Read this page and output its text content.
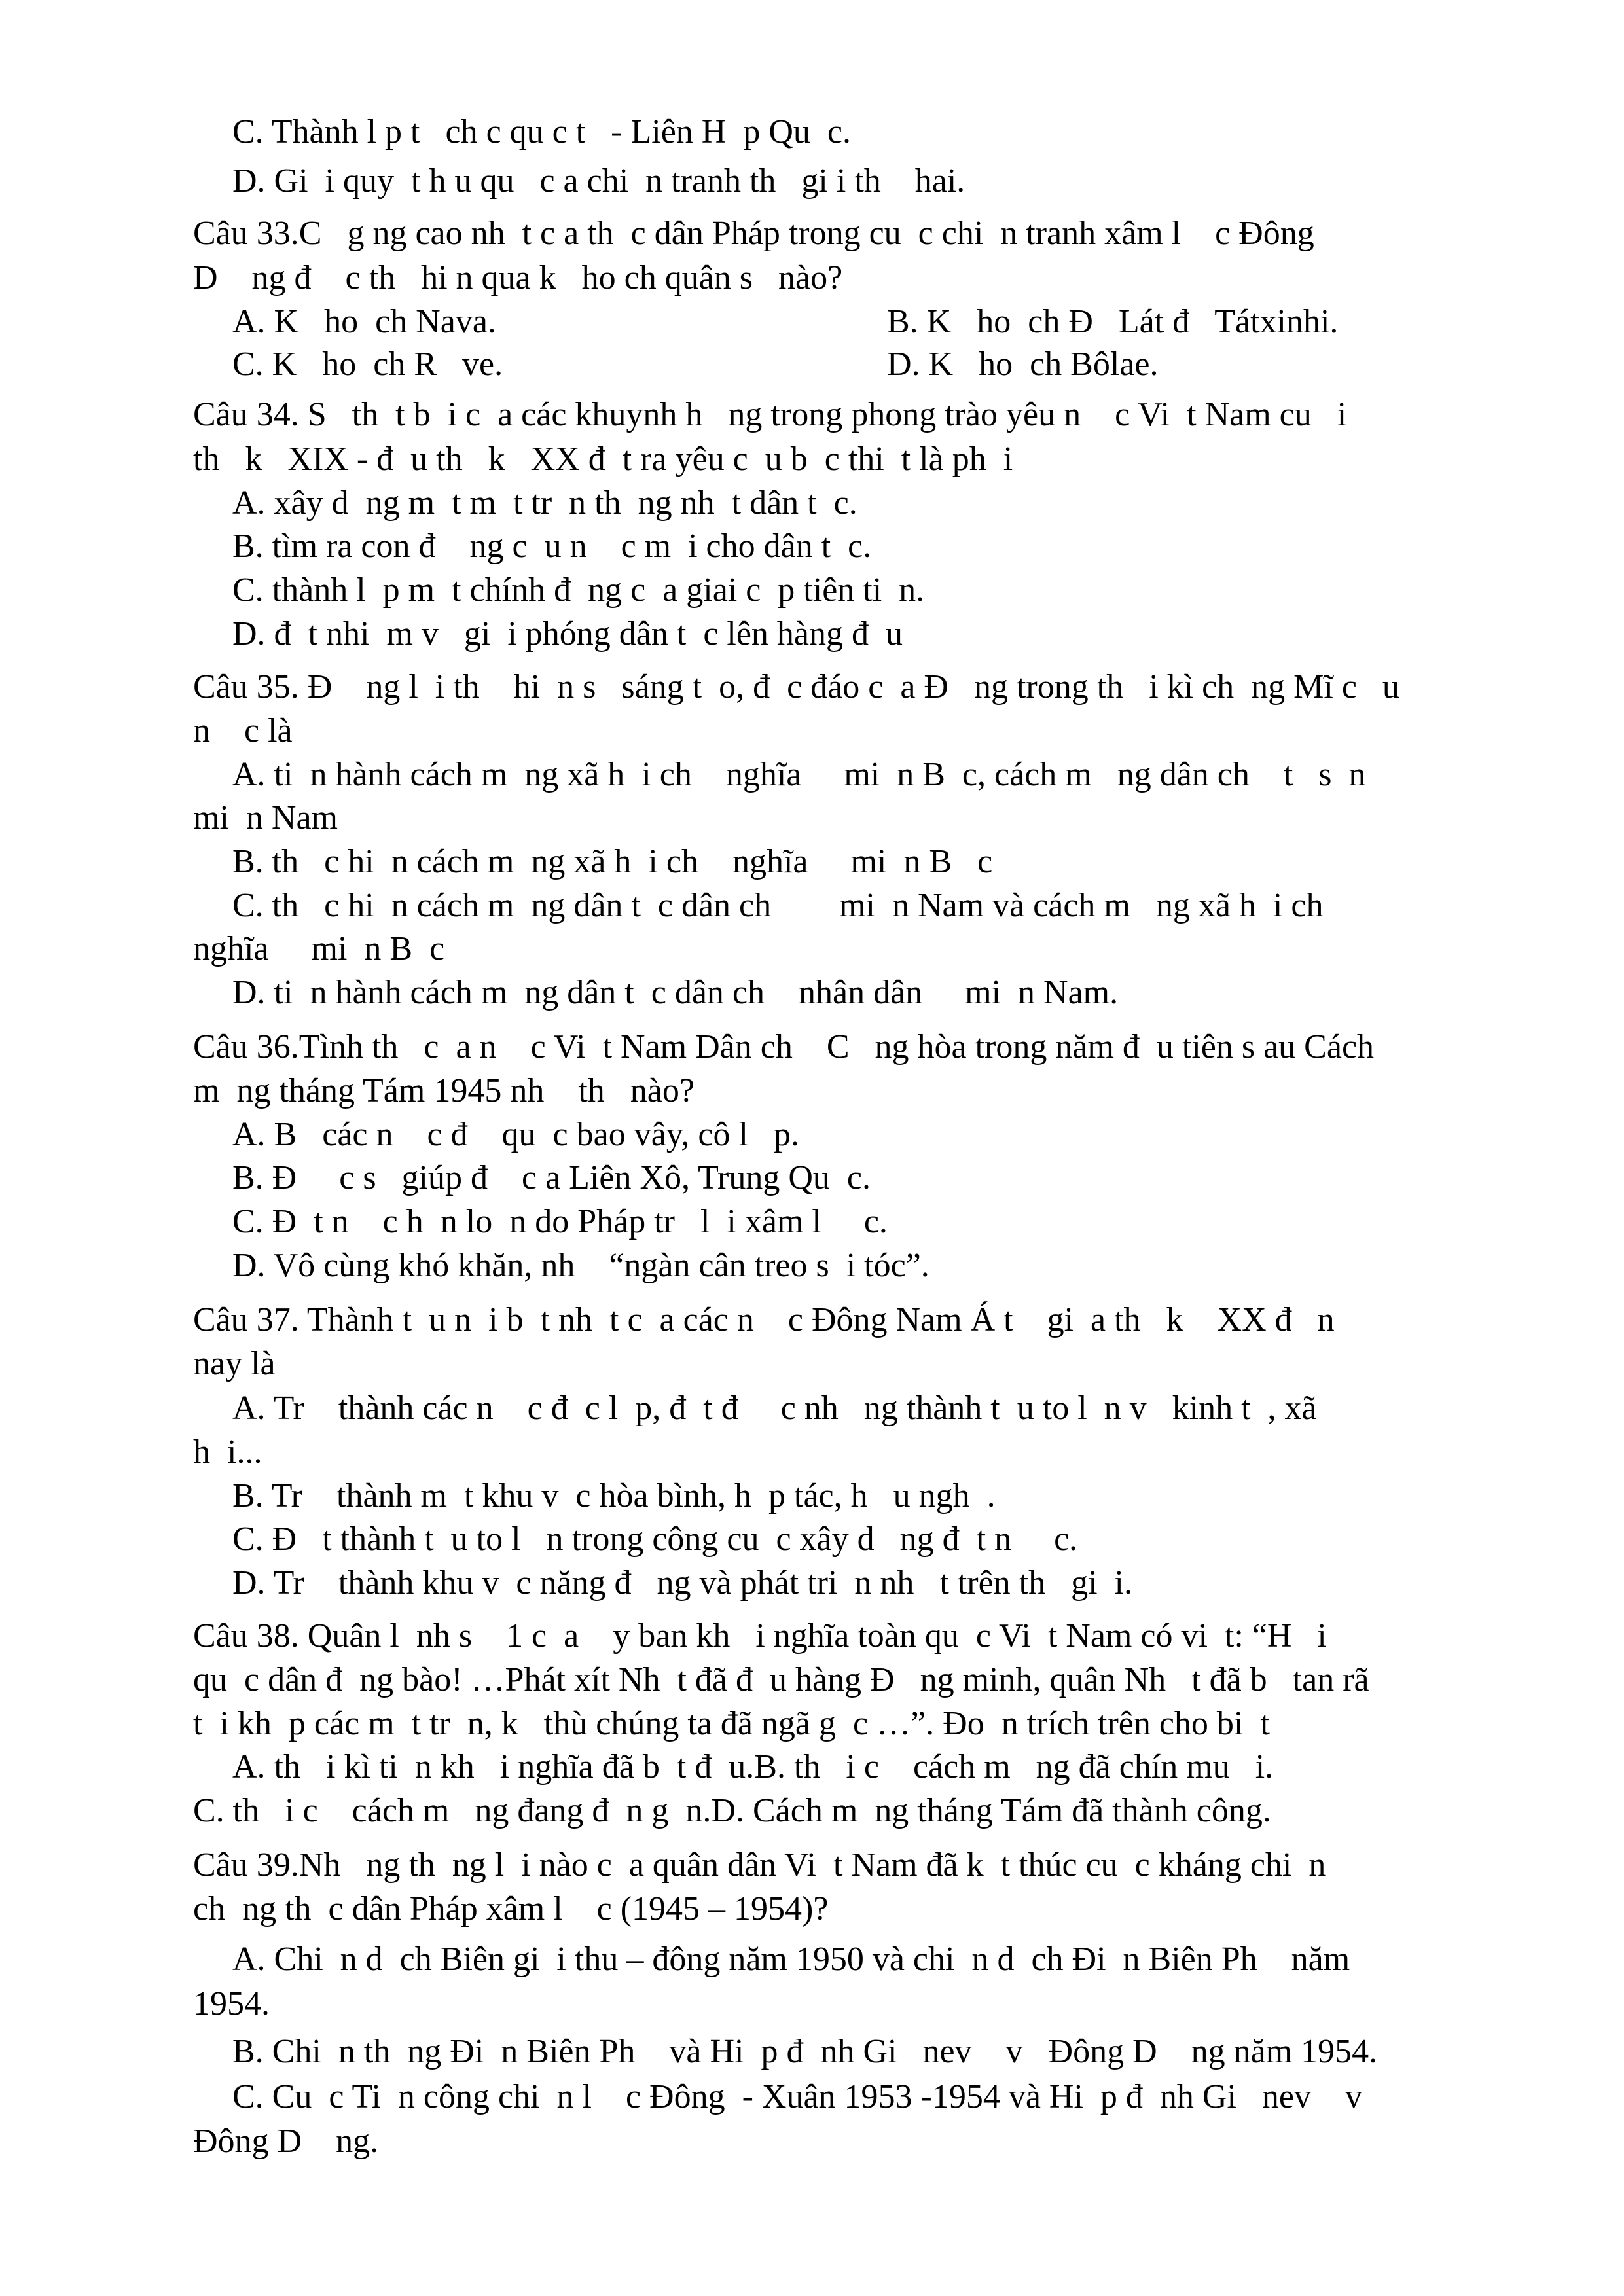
C. Thành l p t   ch c qu c t   - Liên H  p Qu  c.
D. Gi  i quy  t h u qu   c a chi  n tranh th   gi i th    hai.
Câu 33.C   g ng cao nh  t c a th  c dân Pháp trong cu  c chi  n tranh xâm l    c Đông
D    ng đ    c th   hi n qua k   ho ch quân s   nào?
A. K   ho  ch Nava.	B. K   ho  ch Đ   Lát đ   Tátxinhi.
C. K   ho  ch R   ve.	D. K   ho  ch Bôlae.
Câu 34. S   th  t b  i c  a các khuynh h   ng trong phong trào yêu n    c Vi  t Nam cu   i
th   k   XIX - đ  u th   k   XX đ  t ra yêu c  u b  c thi  t là ph  i
A. xây d  ng m  t m  t tr  n th  ng nh  t dân t  c.
B. tìm ra con đ    ng c  u n    c m  i cho dân t  c.
C. thành l  p m  t chính đ  ng c  a giai c  p tiên ti  n.
D. đ  t nhi  m v   gi  i phóng dân t  c lên hàng đ  u
Câu 35. Đ    ng l  i th    hi  n s   sáng t  o, đ  c đáo c  a Đ   ng trong th   i kì ch  ng Mĩ c   u
n    c là
A. ti  n hành cách m  ng xã h  i ch    nghĩa     mi  n B  c, cách m   ng dân ch    t   s  n
mi  n Nam
B. th   c hi  n cách m  ng xã h  i ch    nghĩa     mi  n B   c
C. th   c hi  n cách m  ng dân t  c dân ch        mi  n Nam và cách m   ng xã h  i ch
nghĩa     mi  n B  c
D. ti  n hành cách m  ng dân t  c dân ch    nhân dân     mi  n Nam.
Câu 36.Tình th   c  a n    c Vi  t Nam Dân ch    C   ng hòa trong năm đ  u tiên s au Cách
m  ng tháng Tám 1945 nh    th   nào?
A. B   các n    c đ    qu  c bao vây, cô l   p.
B. Đ     c s   giúp đ    c a Liên Xô, Trung Qu  c.
C. Đ  t n    c h  n lo  n do Pháp tr   l  i xâm l     c.
D. Vô cùng khó khăn, nh    “ngàn cân treo s  i tóc”.
Câu 37. Thành t  u n  i b  t nh  t c  a các n    c Đông Nam Á t    gi  a th   k    XX đ   n
nay là
A. Tr    thành các n    c đ  c l  p, đ  t đ     c nh   ng thành t  u to l  n v   kinh t  , xã
h  i...
B. Tr    thành m  t khu v  c hòa bình, h  p tác, h   u ngh  .
C. Đ   t thành t  u to l   n trong công cu  c xây d   ng đ  t n     c.
D. Tr    thành khu v  c năng đ   ng và phát tri  n nh   t trên th   gi  i.
Câu 38. Quân l  nh s    1 c  a    y ban kh   i nghĩa toàn qu  c Vi  t Nam có vi  t: “H   i
qu  c dân đ  ng bào! …Phát xít Nh  t đã đ  u hàng Đ   ng minh, quân Nh   t đã b   tan rã
t  i kh  p các m  t tr  n, k   thù chúng ta đã ngã g  c …”. Đo  n trích trên cho bi  t
A. th   i kì ti  n kh   i nghĩa đã b  t đ  u.B. th   i c    cách m   ng đã chín mu   i.
C. th   i c    cách m   ng đang đ  n g  n.D. Cách m  ng tháng Tám đã thành công.
Câu 39.Nh   ng th  ng l  i nào c  a quân dân Vi  t Nam đã k  t thúc cu  c kháng chi  n
ch  ng th  c dân Pháp xâm l    c (1945 – 1954)?
A. Chi  n d  ch Biên gi  i thu – đông năm 1950 và chi  n d  ch Đi  n Biên Ph    năm
1954.
B. Chi  n th  ng Đi  n Biên Ph    và Hi  p đ  nh Gi   nev    v   Đông D    ng năm 1954.
C. Cu  c Ti  n công chi  n l    c Đông  - Xuân 1953 -1954 và Hi  p đ  nh Gi   nev    v
Đông D    ng.
